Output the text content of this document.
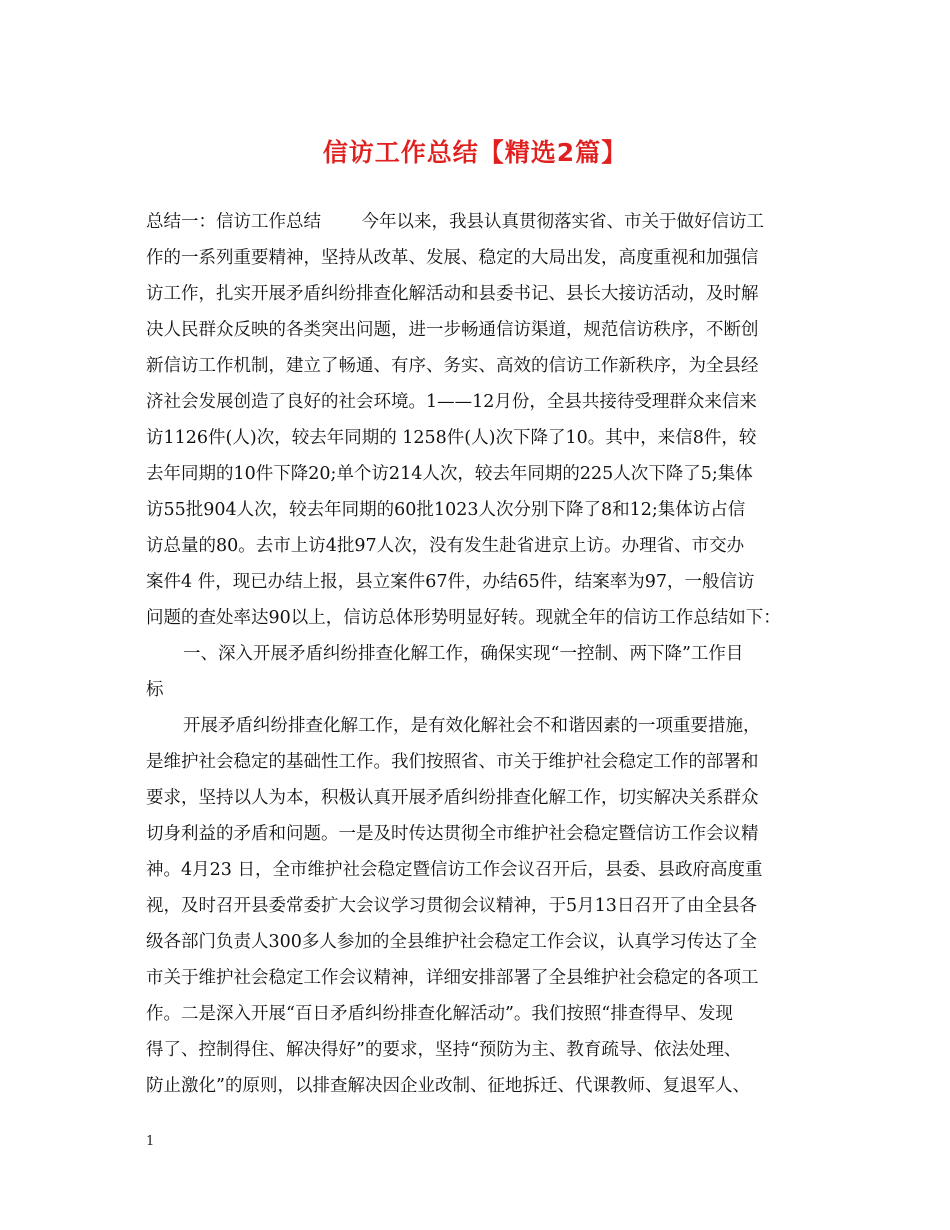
信访工作总结【精选2篇】
总结一：信访工作总结　　 今年以来，我县认真贯彻落实省、市关于做好信访工
作的一系列重要精神，坚持从改革、发展、稳定的大局出发，高度重视和加强信
访工作，扎实开展矛盾纠纷排查化解活动和县委书记、县长大接访活动，及时解
决人民群众反映的各类突出问题，进一步畅通信访渠道，规范信访秩序，不断创
新信访工作机制，建立了畅通、有序、务实、高效的信访工作新秩序，为全县经
济社会发展创造了良好的社会环境。1——12月份，全县共接待受理群众来信来
访1126件(人)次，较去年同期的 1258件(人)次下降了10。其中，来信8件，较
去年同期的10件下降20;单个访214人次，较去年同期的225人次下降了5;集体
访55批904人次，较去年同期的60批1023人次分别下降了8和12;集体访占信
访总量的80。去市上访4批97人次，没有发生赴省进京上访。办理省、市交办
案件4 件，现已办结上报，县立案件67件，办结65件，结案率为97，一般信访
问题的查处率达90以上，信访总体形势明显好转。现就全年的信访工作总结如下：
一、深入开展矛盾纠纷排查化解工作，确保实现“一控制、两下降”工作目
标
开展矛盾纠纷排查化解工作，是有效化解社会不和谐因素的一项重要措施，
是维护社会稳定的基础性工作。我们按照省、市关于维护社会稳定工作的部署和
要求，坚持以人为本，积极认真开展矛盾纠纷排查化解工作，切实解决关系群众
切身利益的矛盾和问题。一是及时传达贯彻全市维护社会稳定暨信访工作会议精
神。4月23 日，全市维护社会稳定暨信访工作会议召开后，县委、县政府高度重
视，及时召开县委常委扩大会议学习贯彻会议精神，于5月13日召开了由全县各
级各部门负责人300多人参加的全县维护社会稳定工作会议，认真学习传达了全
市关于维护社会稳定工作会议精神，详细安排部署了全县维护社会稳定的各项工
作。二是深入开展“百日矛盾纠纷排查化解活动”。我们按照“排查得早、发现
得了、控制得住、解决得好”的要求，坚持“预防为主、教育疏导、依法处理、
防止激化”的原则，以排查解决因企业改制、征地拆迁、代课教师、复退军人、
1
